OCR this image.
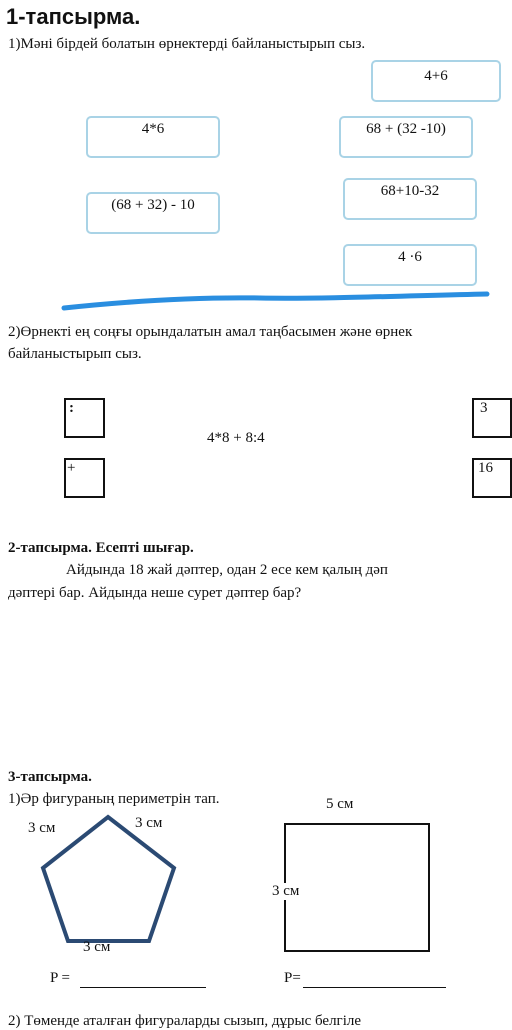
1-тапсырма.
1)Мәні бірдей болатын өрнектерді байланыстырып сыз.
4+6
4*6	68 + (32 -10)
68+10-32
(68 + 32) - 10
4 ·6
2)Өрнекті ең соңғы орындалатын амал таңбасымен және өрнек
байланыстырып сыз.
:
+
4*8 + 8:4
3
16
2-тапсырма. Есепті шығар.
Айдында 18 жай дәптер, одан 2 есе кем қалың дәп
дәптері бар. Айдында неше сурет дәптер бар?
3-тапсырма.
1)Әр фигураның периметрін тап.
3 см	3 см
3 см
5 см
3 см
P =	P=
2) Төменде аталған фигураларды сызып, дұрыс белгіле
